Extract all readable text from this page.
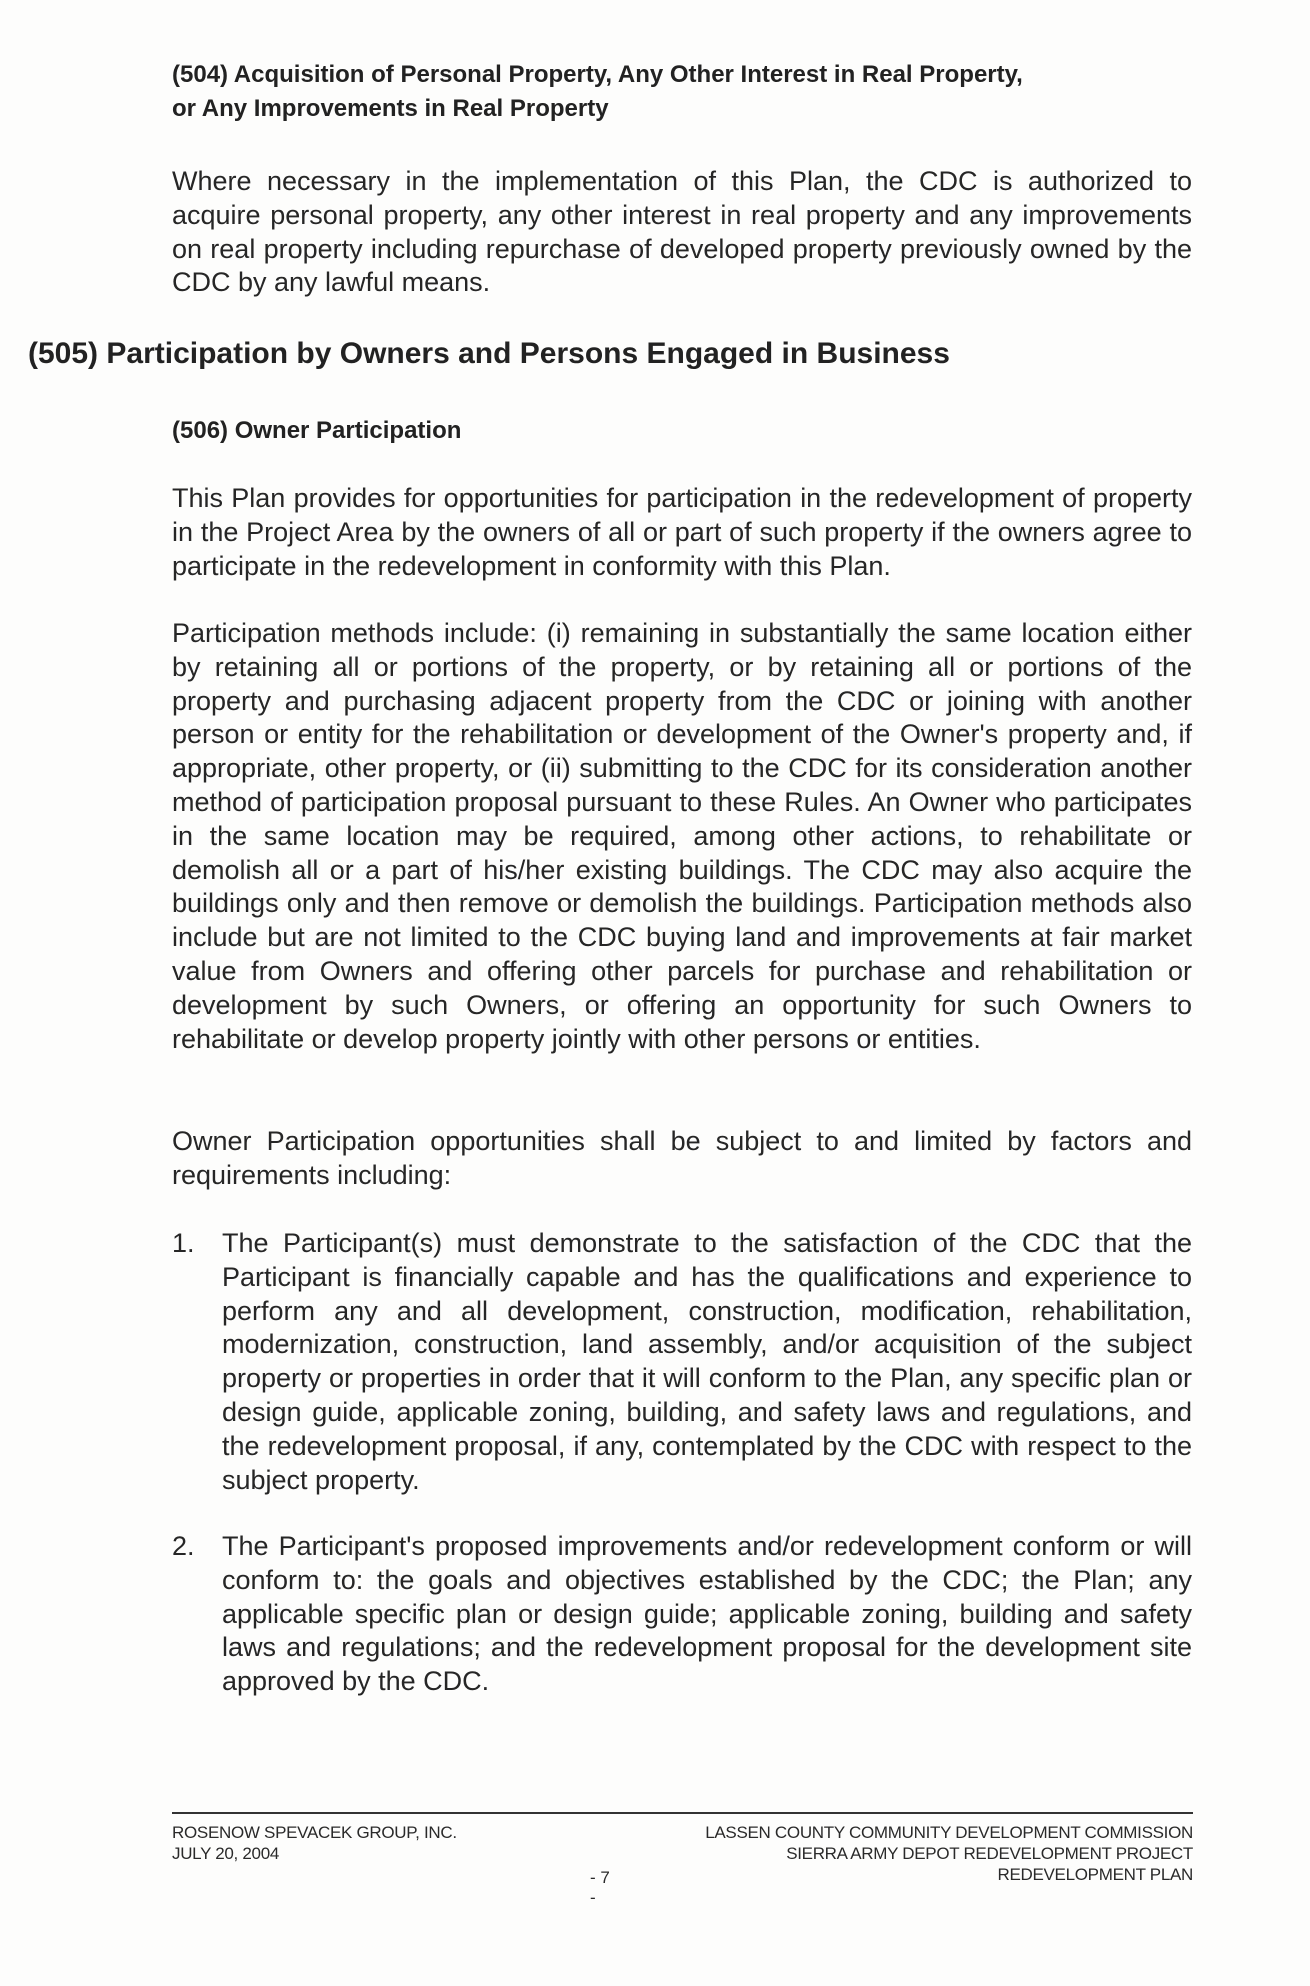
(504) Acquisition of Personal Property, Any Other Interest in Real Property,
or Any Improvements in Real Property

Where necessary in the implementation of this Plan, the CDC is authorized to acquire personal property, any other interest in real property and any improvements on real property including repurchase of developed property previously owned by the CDC by any lawful means.

(505) Participation by Owners and Persons Engaged in Business
(506) Owner Participation

This Plan provides for opportunities for participation in the redevelopment of property in the Project Area by the owners of all or part of such property if the owners agree to participate in the redevelopment in conformity with this Plan.

Participation methods include: (i) remaining in substantially the same location either by retaining all or portions of the property, or by retaining all or portions of the property and purchasing adjacent property from the CDC or joining with another person or entity for the rehabilitation or development of the Owner's property and, if appropriate, other property, or (ii) submitting to the CDC for its consideration another method of participation proposal pursuant to these Rules. An Owner who participates in the same location may be required, among other actions, to rehabilitate or demolish all or a part of his/her existing buildings. The CDC may also acquire the buildings only and then remove or demolish the buildings. Participation methods also include but are not limited to the CDC buying land and improvements at fair market value from Owners and offering other parcels for purchase and rehabilitation or development by such Owners, or offering an opportunity for such Owners to rehabilitate or develop property jointly with other persons or entities.

Owner Participation opportunities shall be subject to and limited by factors and requirements including:

1.	The Participant(s) must demonstrate to the satisfaction of the CDC that the Participant is financially capable and has the qualifications and experience to perform any and all development, construction, modification, rehabilitation, modernization, construction, land assembly, and/or acquisition of the subject property or properties in order that it will conform to the Plan, any specific plan or design guide, applicable zoning, building, and safety laws and regulations, and the redevelopment proposal, if any, contemplated by the CDC with respect to the subject property.

2.	The Participant's proposed improvements and/or redevelopment conform or will conform to: the goals and objectives established by the CDC; the Plan; any applicable specific plan or design guide; applicable zoning, building and safety laws and regulations; and the redevelopment proposal for the development site approved by the CDC.

ROSENOW SPEVACEK GROUP, INC.
JULY 20, 2004
LASSEN COUNTY COMMUNITY DEVELOPMENT COMMISSION
SIERRA ARMY DEPOT REDEVELOPMENT PROJECT
REDEVELOPMENT PLAN
- 7 -
